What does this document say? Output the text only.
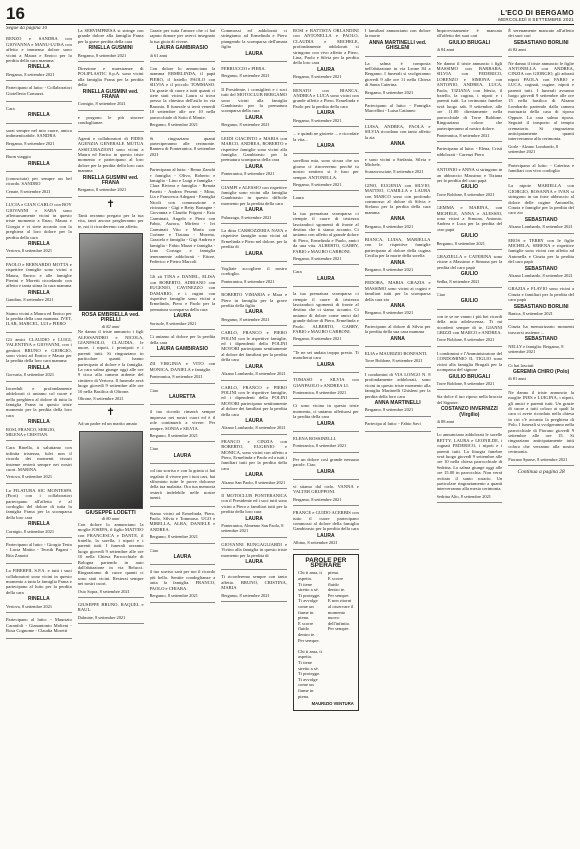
16	L'ECO DI BERGAMO
MERCOLEDÌ 8 SETTEMBRE 2021
Segue da pagina 10

RENZO e SANDRA con GIOVANNA e MANU-LUISA con affetto e immenso dolore sono vicini a Maura e Enrico per la perdita della cara mamma

RINELLA
Bergamo, 8 settembre 2021

Partecipano al lutto: - Collaboratori Gioielleria Comazzi.

Cara

RINELLA

sarai sempre nel mio cuore, amica indimenticabile. SANDRA

Bergamo, 8 settembre 2021

Buon viaggio

RINELLA

(conosciuta) per sempre un bel ricordo. SANDRO

Cenate, 8 settembre 2021

LUCIA e GIAN CARLO con BOY GIOVANNI e SARA sono affettuosamente vicini in questo triste momento a Enzo, Maura e Giorgia e vi siete accanto con la preghiera al loro dolore per la perdita della cara

RINELLA
Vertova, 8 settembre 2021

PAOLO e BERNARDO MOTTA e rispettive famiglie sono vicini a Maura, Enrico e alle famiglie Pierini e Moretti ricordando con affetto e tanta stima la cara mamma

RINELLA
Gandino, 8 settembre 2021

Siamo vicini a Maura ed Enrico per la perdita della cara mamma. IVET, ILAR, MARCEL, LUI e PIERO

Gli amici CLAUDIO e LUIGI, VALENTINA e GIOVANNI, con i genitori BRUNO e GIORGIO, sono vicini ad Enrico e Maura per la perdita della loro cara mamma

RINELLA
Gorvaria, 8 settembre 2021

Increduli e profondamente addolorati ci uniamo col cuore e nella preghiera al dolore di tutta la famiglia Frana in questo triste momento per la perdita della loro cara

RINELLA
ROSI, FRANCO, SERGIO, MILENA e CRISTIAN.

Cara Rinella, ti salutiamo con infinita tristezza, fulvi non il ricordo dei momenti vissuti insieme resterà sempre nei nostri cuori. MARINA

Vertova, 8 settembre 2021

La FILATURA SIC MONTESPA (Fiori) con i collaboratori partecipano all'affetto e al cordoglio del dolore di tutta la famiglia Frana per la scomparsa della loro cara

RINELLA
Cornigio, 8 settembre 2021

Partecipano al lutto: - Giorgio Testa - Lucia Mattio - Tecnik Pagani - Rita Zanotti

La FIBERFIL S.P.A. e tutti i suoi collaboratori sono vicini in questo momento a tutta la famiglia Frana e partecipano al lutto per la perdita della cara

RINELLA
Vertova, 8 settembre 2021

Partecipano al lutto: - Maurizio Caranfoli - Gianantonio Molteni - Rosa Cognome - Claudia Moretti

La SERVIMPRESA si stringe con grande dolore alla famiglia Frana per la grave perdita della cara

RINELLA GUSMINI
Bergamo, 8 settembre 2021

Direzione e maestranze di POLIPLASTIC S.p.A. sono vicini alla famiglia Frana per la perdita della

RINELLA GUSMINI ved. FRANA
Cornigio, 8 settembre 2021

e porgono le più sincere condoglianze.

Agenti e collaboratori di FIDES AGENZIA GENERALE MUTUA ASSICURAZIONI sono vicini a Maura ed Enrico in questo triste momento e partecipano al loro dolore per la perdita della loro cara mamma

RINELLA GUSMINI ved. FRANA
Bergamo, 8 settembre 2021
✝

Tanti avranno pregato per la tua vita, tanti ancora pregheranno per te, noi ti ricorderemo con affetto.

ROSA EMBRIELLA ved. PIRELLI
di 82 anni

Ne danno il triste annuncio i figli ALESSANDRO e NICOLA, GIANPAOLO, CLAUDIA, le nuore, i nipoti, i pronipoti e i parenti tutti. Si ringraziano in particolare quanti hanno partecipato al dolore e la famiglia. La cara salma giunge oggi alle ore 9 circa alla camera ardente del cimitero di Vertova. Il funerale avrà luogo giovedì 9 settembre alle ore 10 nella Basilica di Oltrone.

Oltrone, 8 settembre 2021
✝

Ad un padre ed un marito amato

GIUSEPPE LODETTI
di 80 anni

Con dolore lo annunciano la moglie JOSEPA, il figlio MATTEO con FRANCESCA e DANTE, il fratello, la sorella, i nipoti e i parenti tutti. I funerali avranno luogo giovedì 9 settembre alle ore 10 nella Chiesa Parrocchiale di Bologna partendo in auto dall'abitazione in via Relucci. Ringraziamo di cuore quanti ci sono stati vicini. Resterai sempre nei nostri cuori.

Osio Sopra, 8 settembre 2021

GIUSEPPE BRUNO, RAQUEL e RAUL.

Dalmine, 8 settembre 2021

Grazie per tutta l'amore che ci hai saputo donare per averci insegnato la tua gioia di vivere.

LAURA GAMBIRASIO
di 61 anni

Con dolore lo annunciano la mamma ERMELINDA, il papà PIERO, il fratello PAOLO con SILVIA e il piccolo TOMMASO. Un grazie di cuore a tutti quanti ci siete stati vicini. Laura si trova presso la chiesina dell'asilo in via Baronia. Il funerale si terrà venerdì 10 settembre alle ore 10 nella parrocchiale di Sotto il Monte.

Bergamo, 8 settembre 2021

Si ringraziano quanti parteciperanno alle cerimonie. Ramera di Ponteranica, 8 settembre 2021

Partecipano al lutto: - Remo Zanchi e famiglia - Olivo, Roberto e famiglia - Lino e Luigi e famiglia - Clara Riviera e famiglia - Renata Pasetti - Andrea Pesenti - Mino, Lia e Francesca Adegani - Famiglia Nicoli con commozione e vicinanza - Gigi e Betty Bartagne - Giovanna e Claudio Frigeni - Ezio Carminati, Angelo e Piero con Fabio, Aurora, Mirfeni - Ivi Carminati Vito e Maria con Corinne e Tiziana - Moreno, Graziela e famiglia - Gigi Andrea e famiglia - Fabio Mazzi e famiglia - Lino Cortago e famiglia teneramente addolorati - Ettore, Federico e Pietro Marcoli

Gli zii TINA e DANIEL, ELISA con ROBERTO, ADRIANO con EUGENIO, CAVINEZZO con DAMARIO, e i cugini con rispettive famiglie sono vicini a Ermelinda, Piero e Paolo per la prematura scomparsa della cara

LAURA
Sorisole, 8 settembre 2021

Ci uniamo al dolore per la perdita della cara

LAURA GAMBIRASIO

ZII VIRGINIA e VITO con MONICA, DANIELA e famiglie.

Ponteranica, 8 settembre 2021

Ciao

LAURETTA

il tuo ricordo rimarrà sempre impresso nei nostri cuori ed è il sole continuerà a vivere. Per sempre, SONIA e SILVIA.

Bergamo, 8 settembre 2021

Ciao

LAURA

col tuo sorriso e con la grinta ci hai regalato il vivere per i tuoi cari, hai affrontato tutte le prove dolorose della tua malattia. Ora tua memoria resterà indelebile nelle nostre menti.

Siamo vicini ad Ermelinda, Piero, Paolo, Silvia e Tommaso. UGO e MIRELLA, ALBA, DANIELE e ANDREA.

Bergamo, 8 settembre 2021

Ciao

LAURA

il tuo sorriso sarà per noi il ricordo più bello. Sentite condoglianze a tutta la famiglia. FRANCO, PAOLO e CHIARA.

Bergamo, 8 settembre 2021

Commossi ed addolorati ci stringiamo ad Ermelinda e Piero piangendo la scomparsa dell'amata figlia

LAURA

FERRUCCIO e PIERA.

Bergamo, 8 settembre 2021

Il Presidente, i consiglieri e i soci tutti del MOTOCLUB BERGAMO sono vicini alla famiglia Gambirasio per la prematura scomparsa della cara

LAURA
Bergamo, 8 settembre 2021

LEIDI GIACINTO e MARIA con MARCO, ANDREA, ROBERTO e rispettive famiglie sono vicini alla famiglia Gambirasio per la prematura scomparsa della cara

LAURA
Ponteranica, 8 settembre 2021

GIAMPI e ALESSIO con rispettive famiglie sono vicini alla famiglia Gambirasio in questo difficile momento per la perdita della cara

LAURA
Palazzago, 8 settembre 2021

La ditta CARROZZERIA NAVA e rispettive famiglie sono vicini ad Ermelinda e Piero nel dolore, per la perdita di

LAURA

Vogliate accogliere il nostro cordoglio.

Ponteranica, 8 settembre 2021

ROBERTO VIMARIA e Mara e Piero in famiglia per la grave perdita della figlia

LAURA
Bergamo, 8 settembre 2021

CARLO, FRANCO e PIERO POLINI con le rispettive famiglie, ed i dipendenti della POLINI MOTORI partecipano sentitamente al dolore dei familiari per la perdita della cara

LAURA
Alzano Lombardo, 8 settembre 2021

CARLO, FRANCO e PIERO POLINI con le rispettive famiglie, ed i dipendenti della POLINI MOTORI partecipano sentitamente al dolore dei familiari per la perdita della cara

LAURA
Alzano Lombardo, 8 settembre 2021

FRANCO e CINZIA con ROBERTO, EUGENIO e MONICA, sono vicini con affetto a Piero, Ermelinda e Paolo ed a tutti i familiari tutti per la perdita della cara

LAURA
Alzano San Paolo, 8 settembre 2021

Il MOTOCLUB PONTERANICA con il Presidente ed i soci tutti sono vicini a Piero e familiari tutti per la perdita della loro cara

LAURA
Ponteranica, Almenno San Paolo, 8 settembre 2021

GIOVANNI BUNGAGLIARDI e Vivino alla famiglia in questo triste momento per la perdita di

LAURA

Ti ricorderemo sempre con tanto affetto. BRUNO, CRISTINA, MARIA

Bergamo, 8 settembre 2021

ROSI e BATTISTA ORLANDINI con ANTONELLA e PAOLO, CLAUDIA e MICHELE, profondamente addolorati si stringono con vivo affetto a Piero, Lina, Paolo e Silvia per la perdita della loro cara

LAURA
Bergamo, 8 settembre 2021

RENATO con BIANCA, ANDREA e LUCA sono vicini con grande affetto a Piero, Ermelinda e Paolo per la perdita della cara

LAURA
Bergamo, 8 settembre 2021

... e quindi ne gioirete ... e ricordate la vita...

LAURA

sorellina mia, sono sicura che un giorno ci ritroveremo perché tu nostro sentiero si è fuso per sempre. ANTONELLA.

Bergamo, 8 settembre 2021

Laura

la tua prematura scomparsa ci riempie il cuore di tristezza lasciandoci sgomenti di fronte al destino che ti siamo accanto. Ci uniamo con affetto al grande dolore di Piero, Ermelinda e Paolo, amici da una vita. ALBERTO, GABRY, FABIO e MAURO CARBONI.

Bergamo, 8 settembre 2021

Cara

LAURA

la tua prematura scomparsa ci riempie il cuore di tristezza lasciandoci sgomenti di fronte al destino che ci siamo accanto. Ci uniamo di dolore come amici dal grande dolore di Piero, Ermelinda e Paolo. ALBERTO, GABRY, FABIO e MAURO CARBONI.

Bergamo, 8 settembre 2021

"Te ne sei andata troppo presto. Ti mancherai cara

LAURA

TOMASO e SILVIA con GIANPAOLO e ANDREA LI.

Ponteranica, 8 settembre 2021

Ci sono vicina in questo triste momento, ci uniamo affettuosi per la perdita della cara

LAURA

ELENA ROSSINELLI.

Ponteranica, 8 settembre 2021

Per un dolore così grande nessuna parole. Ciao

LAURA

vi stiamo dal cielo. VANNA e VALTER GRUPPONI.

Bergamo, 8 settembre 2021

FRANCE e GUIDO ACERBIS con tutto il cuore partecipano commossi al dolore della famiglia Gambirasio per la perdita della cara

LAURA
Albino, 8 settembre 2021
PAROLE PER SPERARE

Chi ti ama, ti aspetta.
Ti tiene stretto a sé.
Ti protegge.
Ti avvolge
come un fiume in piena.
E scorre fluido
dentro te.
Per sempre.

Chi ti ama, ti aspetta.
Ti tiene stretto a sé.
Ti protegge.
Ti avvolge
come un fiume in piena.

piena.
E scorre fluido
dentro te.
Per sempre.
E non ritorni al osservare il momento
nuovo dell'infinito.
Per sempre.

MAURIZIO VENTURA

I familiari annunciano con dolore la morte

ANNA MARTINELLI ved. GHISLENI

La salma è composta nell'abitazione in via Leone 84 a Bergamo. I funerali si svolgeranno giovedì 9 alle ore 11 nella Chiesa di Santa Caterina.

Bergamo, 8 settembre 2021

Partecipano al lutto: - Famiglia Marcellini - Luisa Cattaneo

LUISA, ANDREA, PAOLA e SILVIA ricordano con tanto affetto la zia

ANNA

e sono vicini a Stefania, Silvia e Michele.

Scanzorosciate, 8 settembre 2021

GINO, EUGENIA con SILVIO, MATTEO, CAMILLA e LAURA con MARCO sono con profondo commosso al dolore di Silvia e Stefano per la perdita della cara mamma

ANNA
Bergamo, 8 settembre 2021

BIANCA, LUISA, MARIELLA con le rispettive famiglie partecipano al dolore della cugina Cecilia per la morte della sorella

ANNA
Bergamo, 8 settembre 2021

FEDORA, MARIA GRAZIA e MASSIMO sono vicini ai cugini e familiari tutti per la scomparsa della cara zia

ANNA
Bergamo, 8 settembre 2021

Partecipano al dolore di Silvia per la perdita della sua cara mamma

ANNA

ELIA e MAURIZIO BONFANTI.

Torre Boldone, 8 settembre 2021

I condomini di VIA LONGO N. 8 profondamente addolorati, sono vicini in questo triste momento alla famiglia Martinelli Ghisleni per la perdita della loro cara

ANNA MARTINELLI
Bergamo, 8 settembre 2021

Partecipa al lutto: - Fabio Savi

Improvvisamente è mancato all'affetto dei suoi cari

GIULIO BRUGALI
di 84 anni

Ne danno il triste annuncio i figli MASSIMO con BARBARA, SILVIA con FEDERICO, LORENZO e SIMONA con ANTONIO, ANDREA, LUCA, Paola, TIZIANA con Idesio, il fratello, la cugina, i nipoti e i parenti tutti. La cerimonia funebre avrà luogo sab. 9 settembre, alle ore 11.00 direttamente nella parrocchiale di Torre Boldone. Ringraziano coloro che parteciperanno al nostro dolore.

Ponteranica, 8 settembre 2021

Partecipano al lutto: - Elena, Cristi addolorati - Carenzi Piero

ANTONIO e ANNA si stringono in un abbraccio Massimo e Tiziana per la perdita del caro papà

GIULIO
Torre Boldone, 8 settembre 2021

GEMMA e MARINA, con MICHELE, ANNA e ALESSIO, sono vicini a Simona, Antonio, Andrea e Luca per la perdita del caro papà

GIULIO
Bergamo, 8 settembre 2021

GRAZIELLA e CATERINA sono vicine a Massimo e Simona per la perdita del caro papà

GIULIO
Sedka, 8 settembre 2021

Ciao

GIULIO

con te se ne vanno i più bei ricordi della mia adolescenza. Ti mi ricorderò sempre di te. GIANNI GRIZZI con MARCO e ANDREA.

Torre Boldone, 8 settembre 2021

I condomini e l'Amministratore del CONDOMINIO IL TIGLIO sono vicini alla famiglia Brugali per la scomparsa del signore

GIULIO BRUGALI
Torre Boldone, 8 settembre 2021

Sia dolce il tuo riposo nella braccia del Signore.

COSTANZO INVERNIZZI (Virgilio)
di 88 anni

Lo annunciano addolorati le sorelle BETTY, LAURA e LEONILDE, i cognati FEDERICO, i nipoti e i parenti tutti. La liturgia funebre avrà luogo giovedì 9 settembre alle ore 10 nella chiesa parrocchiale di Sedrina. La salma giunge oggi alle ore 15.00 in parrocchia. Non verrà recitato il santo rosario. Un particolare ringraziamento a quanti interverranno alla mesta cerimonia.

Sedrina Alto, 8 settembre 2021

È serenamente mancato all'affetto dei suoi cari

SEBASTIANO BORLINI
di 82 anni

Ne danno il triste annuncio le figlie ANTONELLA con ANDREA, CINZIA con GIORGIO, gli adorati nipoti PAOLA con FABIO e LUCA, cognati, cugine, nipoti e parenti tutti. I funerali avranno luogo giovedì 9 settembre alle ore 15 nella basilica di Alzano Lombardo partendo dalla camera mortuaria della casa di riposo Oppure. La cara salma riposa. Seguirà il trasporto al tempio crematorio. Si ringraziano anticipatamente quanti interverranno alla cerimonia.

Gorle - Alzano Lombardo, 8 settembre 2021

Partecipano al lutto: - Caterina e familiari con vivo cordoglio

La nipote MARIELLA con GIORGIO, ROSANNA e IVAN si stringono in un forte abbraccio al dolore delle cugine Antonella, Cinzia e famiglie per la perdita del caro zio

SEBASTIANO
Alzano Lombardo, 8 settembre 2021

EROS e TERRY con le figlie MICHELA, SERENA e rispettive famiglie sono vicini con affetto ad Antonella e Cinzia per la perdita del caro papà

SEBASTIANO
Alzano Lombardo, 8 settembre 2021

GRAZIA e FLAVIO sono vicini a Cinzia e familiari per la perdita del caro papà

SEBASTIANO BORLINI
Ranica, 8 settembre 2021

Cinzia ha memorizzato momenti trascorsi assieme ...

SEBASTIANO
NELLY e famiglia. Bergamo, 8 settembre 2021

Ci hai lasciati

GEREMIA CHIRO (Polo)
di 81 anni

Ne danno il triste annuncio la moglie INES e LUIGINA, i nipoti, gli amici e parenti tutti. Un grazie di cuore a tutti coloro ai quali la cara ci avete ricordato nella chiesa in cui c'è accanto la preghiera di Polo. I funerali si svolgeranno nella parrocchiale di Fiorano giovedì 9 settembre alle ore 15. Si ringraziano anticipatamente tutti coloro che verranno alla nostra cerimonia.

Fiorano Spurse, 8 settembre 2021
Continua a pagina 28
